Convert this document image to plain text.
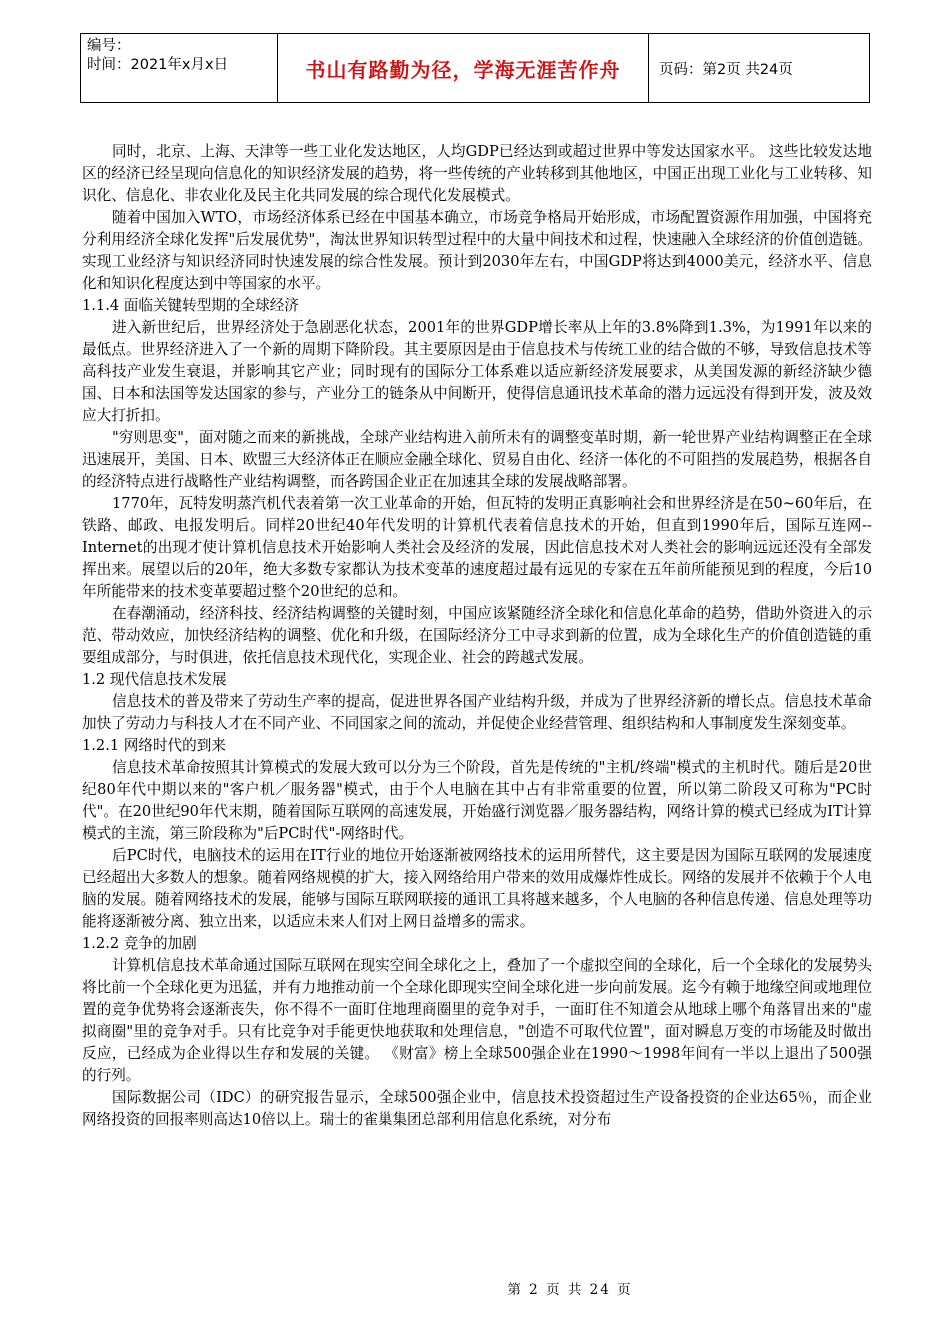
编号：
时间：2021年x月x日	书山有路勤为径，学海无涯苦作舟	页码：第2页 共24页

同时，北京、上海、天津等一些工业化发达地区，人均GDP已经达到或超过世界中等发达国家水平。 这些比较发达地区的经济已经呈现向信息化的知识经济发展的趋势，将一些传统的产业转移到其他地区，中国正出现工业化与工业转移、知识化、信息化、非农业化及民主化共同发展的综合现代化发展模式。

随着中国加入WTO，市场经济体系已经在中国基本确立，市场竞争格局开始形成，市场配置资源作用加强，中国将充分利用经济全球化发挥"后发展优势"，淘汰世界知识转型过程中的大量中间技术和过程，快速融入全球经济的价值创造链。实现工业经济与知识经济同时快速发展的综合性发展。预计到2030年左右，中国GDP将达到4000美元，经济水平、信息化和知识化程度达到中等国家的水平。

1.1.4 面临关键转型期的全球经济

进入新世纪后，世界经济处于急剧恶化状态，2001年的世界GDP增长率从上年的3.8%降到1.3%，为1991年以来的最低点。世界经济进入了一个新的周期下降阶段。其主要原因是由于信息技术与传统工业的结合做的不够，导致信息技术等高科技产业发生衰退，并影响其它产业；同时现有的国际分工体系难以适应新经济发展要求，从美国发源的新经济缺少德国、日本和法国等发达国家的参与，产业分工的链条从中间断开，使得信息通讯技术革命的潜力远远没有得到开发，波及效应大打折扣。

"穷则思变"，面对随之而来的新挑战，全球产业结构进入前所未有的调整变革时期，新一轮世界产业结构调整正在全球迅速展开，美国、日本、欧盟三大经济体正在顺应金融全球化、贸易自由化、经济一体化的不可阻挡的发展趋势，根据各自的经济特点进行战略性产业结构调整，而各跨国企业正在加速其全球的发展战略部署。

1770年，瓦特发明蒸汽机代表着第一次工业革命的开始，但瓦特的发明正真影响社会和世界经济是在50~60年后，在铁路、邮政、电报发明后。同样20世纪40年代发明的计算机代表着信息技术的开始，但直到1990年后，国际互连网-- Internet的出现才使计算机信息技术开始影响人类社会及经济的发展，因此信息技术对人类社会的影响远远还没有全部发挥出来。展望以后的20年，绝大多数专家都认为技术变革的速度超过最有远见的专家在五年前所能预见到的程度，今后10年所能带来的技术变革要超过整个20世纪的总和。

在春潮涌动，经济科技、经济结构调整的关键时刻，中国应该紧随经济全球化和信息化革命的趋势，借助外资进入的示范、带动效应，加快经济结构的调整、优化和升级，在国际经济分工中寻求到新的位置，成为全球化生产的价值创造链的重要组成部分，与时俱进，依托信息技术现代化，实现企业、社会的跨越式发展。

1.2 现代信息技术发展

信息技术的普及带来了劳动生产率的提高，促进世界各国产业结构升级，并成为了世界经济新的增长点。信息技术革命加快了劳动力与科技人才在不同产业、不同国家之间的流动，并促使企业经营管理、组织结构和人事制度发生深刻变革。

1.2.1 网络时代的到来

信息技术革命按照其计算模式的发展大致可以分为三个阶段，首先是传统的"主机/终端"模式的主机时代。随后是20世纪80年代中期以来的"客户机／服务器"模式，由于个人电脑在其中占有非常重要的位置，所以第二阶段又可称为"PC时代"。在20世纪90年代末期，随着国际互联网的高速发展，开始盛行浏览器／服务器结构，网络计算的模式已经成为IT计算模式的主流，第三阶段称为"后PC时代"-网络时代。

后PC时代，电脑技术的运用在IT行业的地位开始逐渐被网络技术的运用所替代，这主要是因为国际互联网的发展速度已经超出大多数人的想象。随着网络规模的扩大，接入网络给用户带来的效用成爆炸性成长。网络的发展并不依赖于个人电脑的发展。随着网络技术的发展，能够与国际互联网联接的通讯工具将越来越多，个人电脑的各种信息传递、信息处理等功能将逐渐被分离、独立出来，以适应未来人们对上网日益增多的需求。

1.2.2 竞争的加剧

计算机信息技术革命通过国际互联网在现实空间全球化之上，叠加了一个虚拟空间的全球化，后一个全球化的发展势头将比前一个全球化更为迅猛，并有力地推动前一个全球化即现实空间全球化进一步向前发展。迄今有赖于地缘空间或地理位置的竞争优势将会逐渐丧失，你不得不一面盯住地理商圈里的竞争对手，一面盯住不知道会从地球上哪个角落冒出来的"虚拟商圈"里的竞争对手。只有比竞争对手能更快地获取和处理信息，"创造不可取代位置"，面对瞬息万变的市场能及时做出反应，已经成为企业得以生存和发展的关键。 《财富》榜上全球500强企业在1990～1998年间有一半以上退出了500强的行列。

国际数据公司（IDC）的研究报告显示，全球500强企业中，信息技术投资超过生产设备投资的企业达65％，而企业网络投资的回报率则高达10倍以上。瑞士的雀巢集团总部利用信息化系统，对分布

第 2 页 共 24 页
